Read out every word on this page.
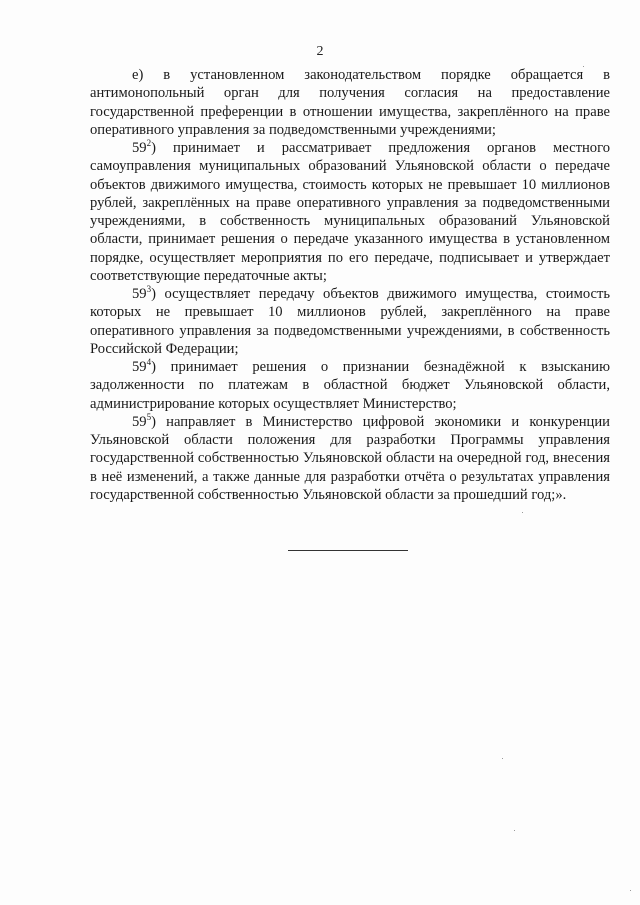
2

е) в установленном законодательством порядке обращается в антимонопольный орган для получения согласия на предоставление государственной преференции в отношении имущества, закреплённого на праве оперативного управления за подведомственными учреждениями;

$59^2$) принимает и рассматривает предложения органов местного самоуправления муниципальных образований Ульяновской области о передаче объектов движимого имущества, стоимость которых не превышает 10 миллионов рублей, закреплённых на праве оперативного управления за подведомственными учреждениями, в собственность муниципальных образований Ульяновской области, принимает решения о передаче указанного имущества в установленном порядке, осуществляет мероприятия по его передаче, подписывает и утверждает соответствующие передаточные акты;

$59^3$) осуществляет передачу объектов движимого имущества, стоимость которых не превышает 10 миллионов рублей, закреплённого на праве оперативного управления за подведомственными учреждениями, в собственность Российской Федерации;

$59^4$) принимает решения о признании безнадёжной к взысканию задолженности по платежам в областной бюджет Ульяновской области, администрирование которых осуществляет Министерство;

$59^5$) направляет в Министерство цифровой экономики и конкуренции Ульяновской области положения для разработки Программы управления государственной собственностью Ульяновской области на очередной год, внесения в неё изменений, а также данные для разработки отчёта о результатах управления государственной собственностью Ульяновской области за прошедший год;».
